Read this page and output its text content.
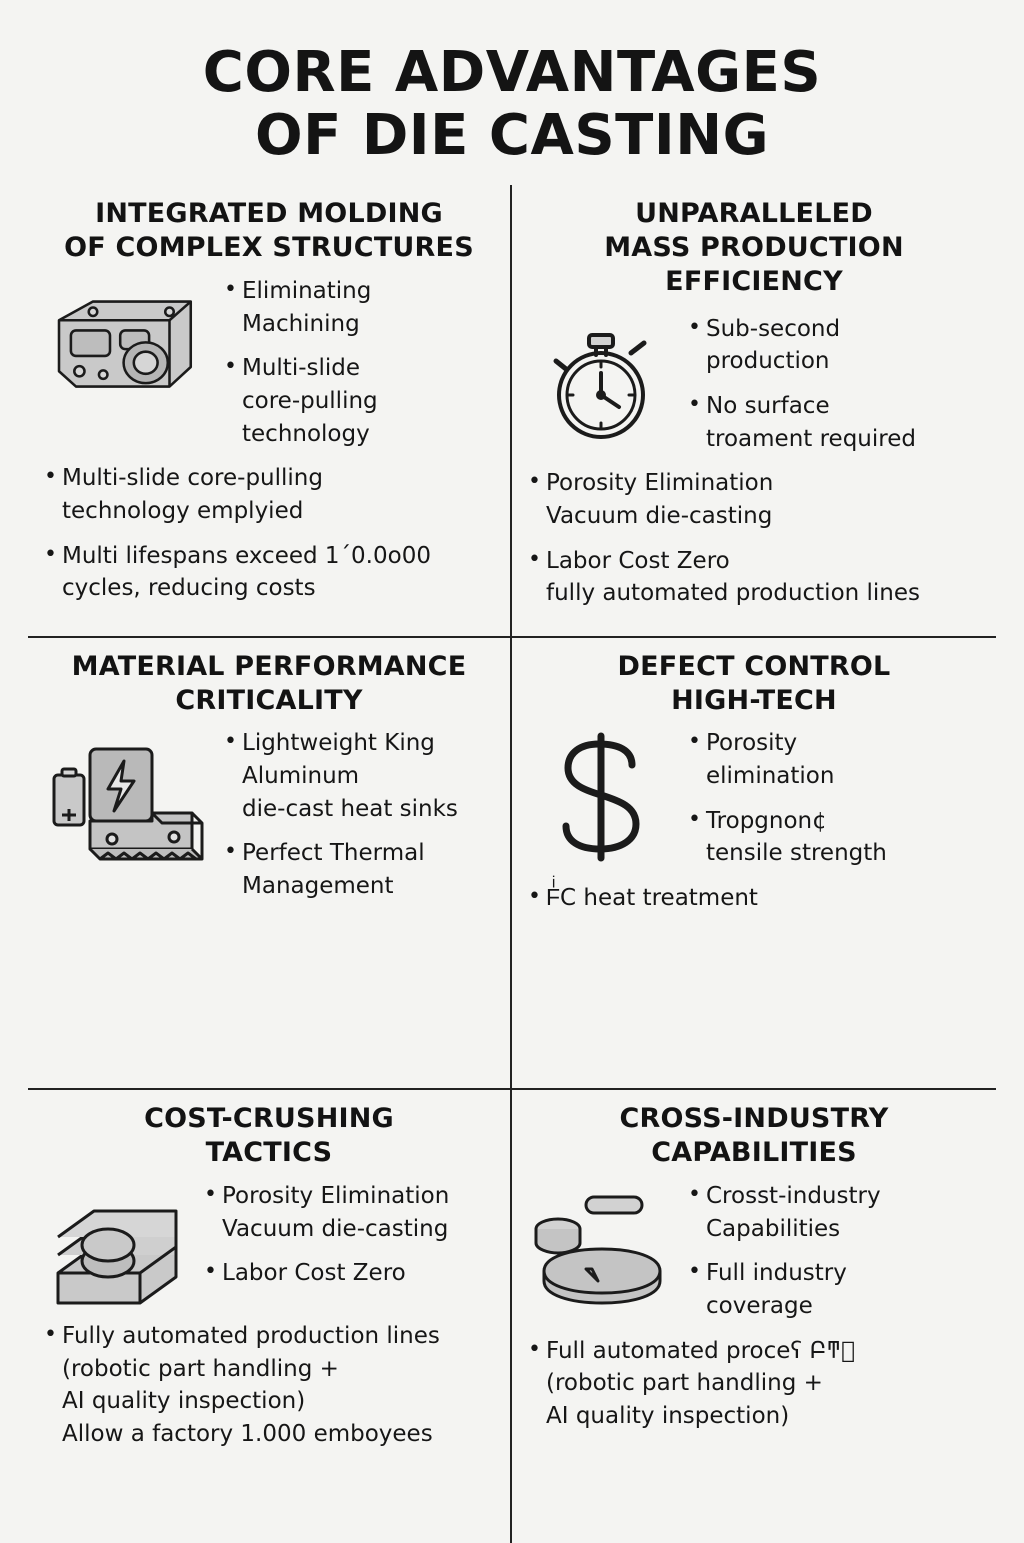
CORE ADVANTAGES
OF DIE CASTING
INTEGRATED MOLDING
OF COMPLEX STRUCTURES
• Eliminating
Machining
• Multi-slide
core-pulling
technology
• Multi-slide core-pulling
technology emplyied
• Multi lifespans exceed 1´0.0o00
cycles, reducing costs
UNPARALLELED
MASS PRODUCTION
EFFICIENCY
• Sub-second
production
• No surface
troament required
• Porosity Elimination
Vacuum die-casting
• Labor Cost Zero
fully automated production lines
MATERIAL PERFORMANCE
CRITICALITY
• Lightweight King
Aluminum
die-cast heat sinks
• Perfect Thermal
Management
DEFECT CONTROL
HIGH-TECH
• Porosity
elimination
• Tropgnon¢
tensile strength
• FͥC heat treatment
COST-CRUSHING
TACTICS
• Porosity Elimination
Vacuum die-casting
• Labor Cost Zero
• Fully automated production lines
(robotic part handling +
AI quality inspection)
Allow a factory 1.000 emboyees
CROSS-INDUSTRY
CAPABILITIES
• Crosst-industry
Capabilities
• Full industry
coverage
• Full automated proceʕ Բͳͥ
(robotic part handling +
AI quality inspection)
